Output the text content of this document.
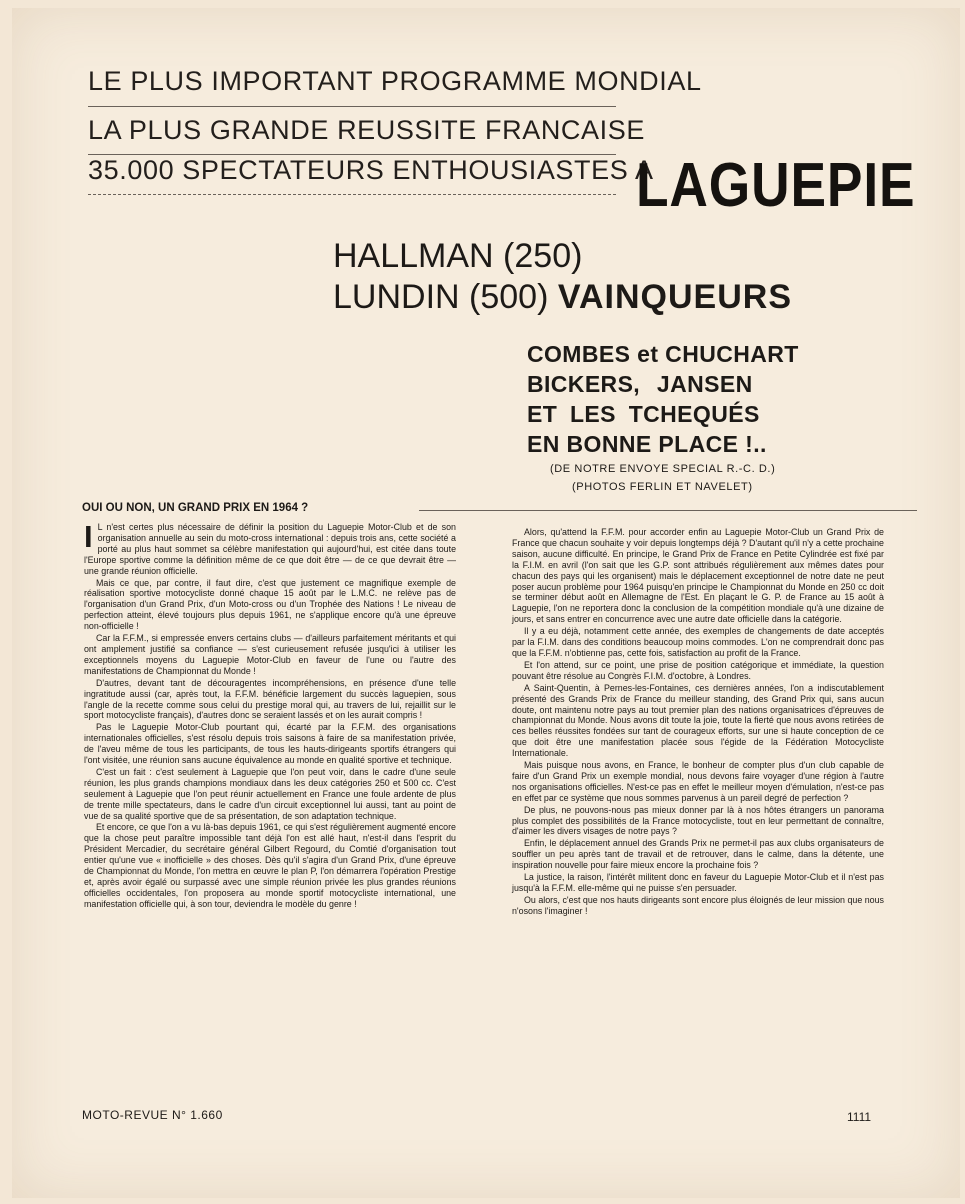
LE PLUS IMPORTANT PROGRAMME MONDIAL
LA PLUS GRANDE REUSSITE FRANCAISE
35.000 SPECTATEURS ENTHOUSIASTES A
LAGUEPIE
HALLMAN (250)
LUNDIN (500) VAINQUEURS
COMBES et CHUCHART
BICKERS, JANSEN
ET LES TCHEQUÉS
EN BONNE PLACE !..
(DE NOTRE ENVOYE SPECIAL R.-C. D.)
(PHOTOS FERLIN ET NAVELET)
OUI OU NON, UN GRAND PRIX EN 1964 ?

I L n'est certes plus nécessaire de définir la position du Laguepie Motor-Club et de son organisation annuelle au sein du moto-cross international : depuis trois ans, cette société a porté au plus haut sommet sa célèbre manifestation qui aujourd'hui, est citée dans toute l'Europe sportive comme la définition même de ce que doit être — de ce que devrait être — une grande réunion officielle.

Mais ce que, par contre, il faut dire, c'est que justement ce magnifique exemple de réalisation sportive motocycliste donné chaque 15 août par le L.M.C. ne relève pas de l'organisation d'un Grand Prix, d'un Moto-cross ou d'un Trophée des Nations ! Le niveau de perfection atteint, élevé toujours plus depuis 1961, ne s'applique encore qu'à une épreuve non-officielle !

Car la F.F.M., si empressée envers certains clubs — d'ailleurs parfaitement méritants et qui ont amplement justifié sa confiance — s'est curieusement refusée jusqu'ici à utiliser les exceptionnels moyens du Laguepie Motor-Club en faveur de l'une ou l'autre des manifestations de Championnat du Monde !

D'autres, devant tant de découragentes incompréhensions, en présence d'une telle ingratitude aussi (car, après tout, la F.F.M. bénéficie largement du succès laguepien, sous l'angle de la recette comme sous celui du prestige moral qui, au travers de lui, rejaillit sur le sport motocycliste français), d'autres donc se seraient lassés et on les aurait compris !

Pas le Laguepie Motor-Club pourtant qui, écarté par la F.F.M. des organisations internationales officielles, s'est résolu depuis trois saisons à faire de sa manifestation privée, de l'aveu même de tous les participants, de tous les hauts-dirigeants sportifs étrangers qui l'ont visitée, une réunion sans aucune équivalence au monde en qualité sportive et technique.

C'est un fait : c'est seulement à Laguepie que l'on peut voir, dans le cadre d'une seule réunion, les plus grands champions mondiaux dans les deux catégories 250 et 500 cc. C'est seulement à Laguepie que l'on peut réunir actuellement en France une foule ardente de plus de trente mille spectateurs, dans le cadre d'un circuit exceptionnel lui aussi, tant au point de vue de sa qualité sportive que de sa présentation, de son adaptation technique.

Et encore, ce que l'on a vu là-bas depuis 1961, ce qui s'est régulièrement augmenté encore que la chose peut paraître impossible tant déjà l'on est allé haut, n'est-il dans l'esprit du Président Mercadier, du secrétaire général Gilbert Regourd, du Comtié d'organisation tout entier qu'une vue « inofficielle » des choses. Dès qu'il s'agira d'un Grand Prix, d'une épreuve de Championnat du Monde, l'on mettra en œuvre le plan P, l'on démarrera l'opération Prestige et, après avoir égalé ou surpassé avec une simple réunion privée les plus grandes réunions officielles occidentales, l'on proposera au monde sportif motocycliste international, une manifestation officielle qui, à son tour, deviendra le modèle du genre !

Alors, qu'attend la F.F.M. pour accorder enfin au Laguepie Motor-Club un Grand Prix de France que chacun souhaite y voir depuis longtemps déjà ? D'autant qu'il n'y a cette prochaine saison, aucune difficulté. En principe, le Grand Prix de France en Petite Cylindrée est fixé par la F.I.M. en avril (l'on sait que les G.P. sont attribués régulièrement aux mêmes dates pour chacun des pays qui les organisent) mais le déplacement exceptionnel de notre date ne peut poser aucun problème pour 1964 puisqu'en principe le Championnat du Monde en 250 cc doit se terminer début août en Allemagne de l'Est. En plaçant le G. P. de France au 15 août à Laguepie, l'on ne reportera donc la conclusion de la compétition mondiale qu'à une dizaine de jours, et sans entrer en concurrence avec une autre date officielle dans la catégorie.

Il y a eu déjà, notamment cette année, des exemples de changements de date acceptés par la F.I.M. dans des conditions beaucoup moins commodes. L'on ne comprendrait donc pas que la F.F.M. n'obtienne pas, cette fois, satisfaction au profit de la France.

Et l'on attend, sur ce point, une prise de position catégorique et immédiate, la question pouvant être résolue au Congrès F.I.M. d'octobre, à Londres.

A Saint-Quentin, à Pernes-les-Fontaines, ces dernières années, l'on a indiscutablement présenté des Grands Prix de France du meilleur standing, des Grand Prix qui, sans aucun doute, ont maintenu notre pays au tout premier plan des nations organisatrices d'épreuves de championnat du Monde. Nous avons dit toute la joie, toute la fierté que nous avons retirées de ces belles réussites fondées sur tant de courageux efforts, sur une si haute conception de ce que doit être une manifestation placée sous l'égide de la Fédération Motocycliste Internationale.

Mais puisque nous avons, en France, le bonheur de compter plus d'un club capable de faire d'un Grand Prix un exemple mondial, nous devons faire voyager d'une région à l'autre nos organisations officielles. N'est-ce pas en effet le meilleur moyen d'émulation, n'est-ce pas en effet par ce système que nous sommes parvenus à un pareil degré de perfection ?

De plus, ne pouvons-nous pas mieux donner par là à nos hôtes étrangers un panorama plus complet des possibilités de la France motocycliste, tout en leur permettant de connaître, d'aimer les divers visages de notre pays ?

Enfin, le déplacement annuel des Grands Prix ne permet-il pas aux clubs organisateurs de souffler un peu après tant de travail et de retrouver, dans le calme, dans la détente, une inspiration nouvelle pour faire mieux encore la prochaine fois ?

La justice, la raison, l'intérêt militent donc en faveur du Laguepie Motor-Club et il n'est pas jusqu'à la F.F.M. elle-même qui ne puisse s'en persuader.

Ou alors, c'est que nos hauts dirigeants sont encore plus éloignés de leur mission que nous n'osons l'imaginer !

MOTO-REVUE N° 1.660	1111
